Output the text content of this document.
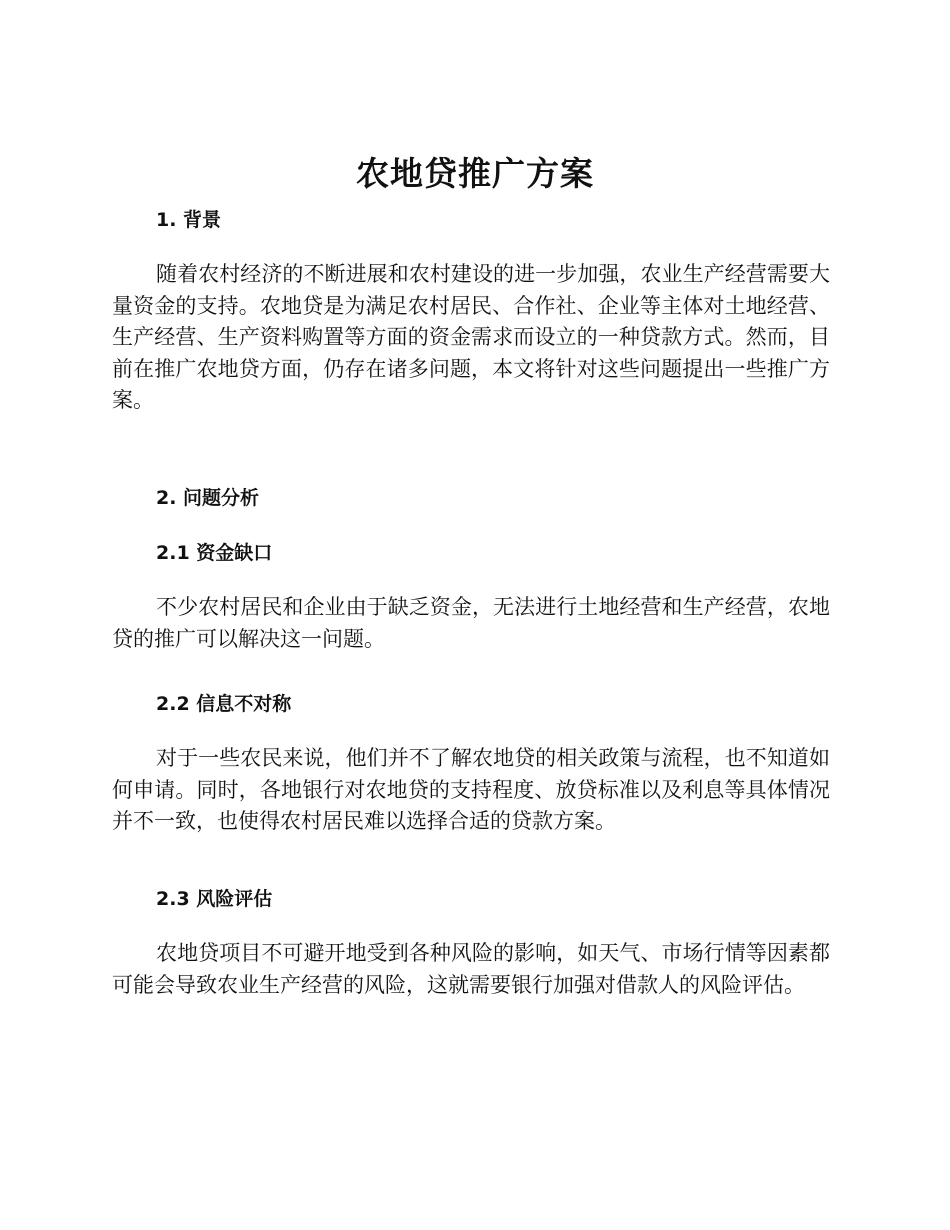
农地贷推广方案
1. 背景
随着农村经济的不断进展和农村建设的进一步加强，农业生产经营需要大量资金的支持。农地贷是为满足农村居民、合作社、企业等主体对土地经营、生产经营、生产资料购置等方面的资金需求而设立的一种贷款方式。然而，目前在推广农地贷方面，仍存在诸多问题，本文将针对这些问题提出一些推广方案。
2. 问题分析
2.1 资金缺口
不少农村居民和企业由于缺乏资金，无法进行土地经营和生产经营，农地贷的推广可以解决这一问题。
2.2 信息不对称
对于一些农民来说，他们并不了解农地贷的相关政策与流程，也不知道如何申请。同时，各地银行对农地贷的支持程度、放贷标准以及利息等具体情况并不一致，也使得农村居民难以选择合适的贷款方案。
2.3 风险评估
农地贷项目不可避开地受到各种风险的影响，如天气、市场行情等因素都可能会导致农业生产经营的风险，这就需要银行加强对借款人的风险评估。
